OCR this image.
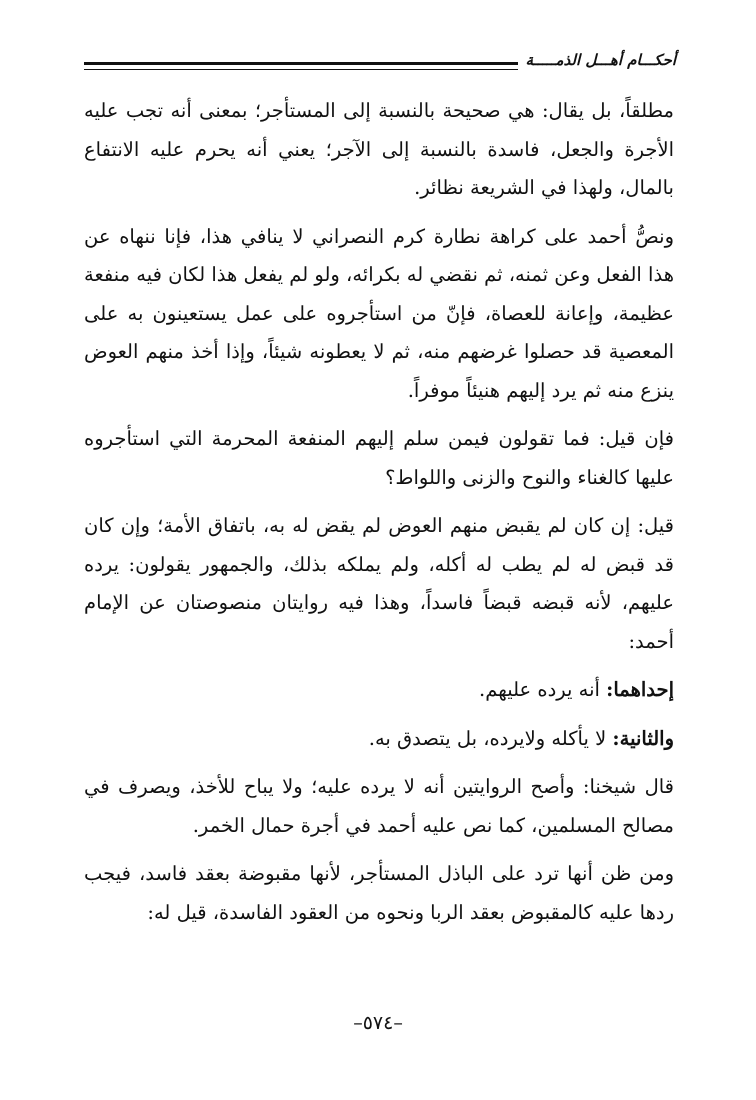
أحكـــام أهـــل الذمـــــة

مطلقاً، بل يقال: هي صحيحة بالنسبة إلى المستأجر؛ بمعنى أنه تجب عليه الأجرة والجعل، فاسدة بالنسبة إلى الآجر؛ يعني أنه يحرم عليه الانتفاع بالمال، ولهذا في الشريعة نظائر.

ونصُّ أحمد على كراهة نطارة كرم النصراني لا ينافي هذا، فإنا ننهاه عن هذا الفعل وعن ثمنه، ثم نقضي له بكرائه، ولو لم يفعل هذا لكان فيه منفعة عظيمة، وإعانة للعصاة، فإنّ من استأجروه على عمل يستعينون به على المعصية قد حصلوا غرضهم منه، ثم لا يعطونه شيئاً، وإذا أخذ منهم العوض ينزع منه ثم يرد إليهم هنيئاً موفراً.

فإن قيل: فما تقولون فيمن سلم إليهم المنفعة المحرمة التي استأجروه عليها كالغناء والنوح والزنى واللواط؟

قيل: إن كان لم يقبض منهم العوض لم يقض له به، باتفاق الأمة؛ وإن كان قد قبض له لم يطب له أكله، ولم يملكه بذلك، والجمهور يقولون: يرده عليهم، لأنه قبضه قبضاً فاسداً، وهذا فيه روايتان منصوصتان عن الإمام أحمد:

إحداهما: أنه يرده عليهم.

والثانية: لا يأكله ولايرده، بل يتصدق به.

قال شيخنا: وأصح الروايتين أنه لا يرده عليه؛ ولا يباح للأخذ، ويصرف في مصالح المسلمين، كما نص عليه أحمد في أجرة حمال الخمر.

ومن ظن أنها ترد على الباذل المستأجر، لأنها مقبوضة بعقد فاسد، فيجب ردها عليه كالمقبوض بعقد الربا ونحوه من العقود الفاسدة، قيل له:

–٥٧٤–
